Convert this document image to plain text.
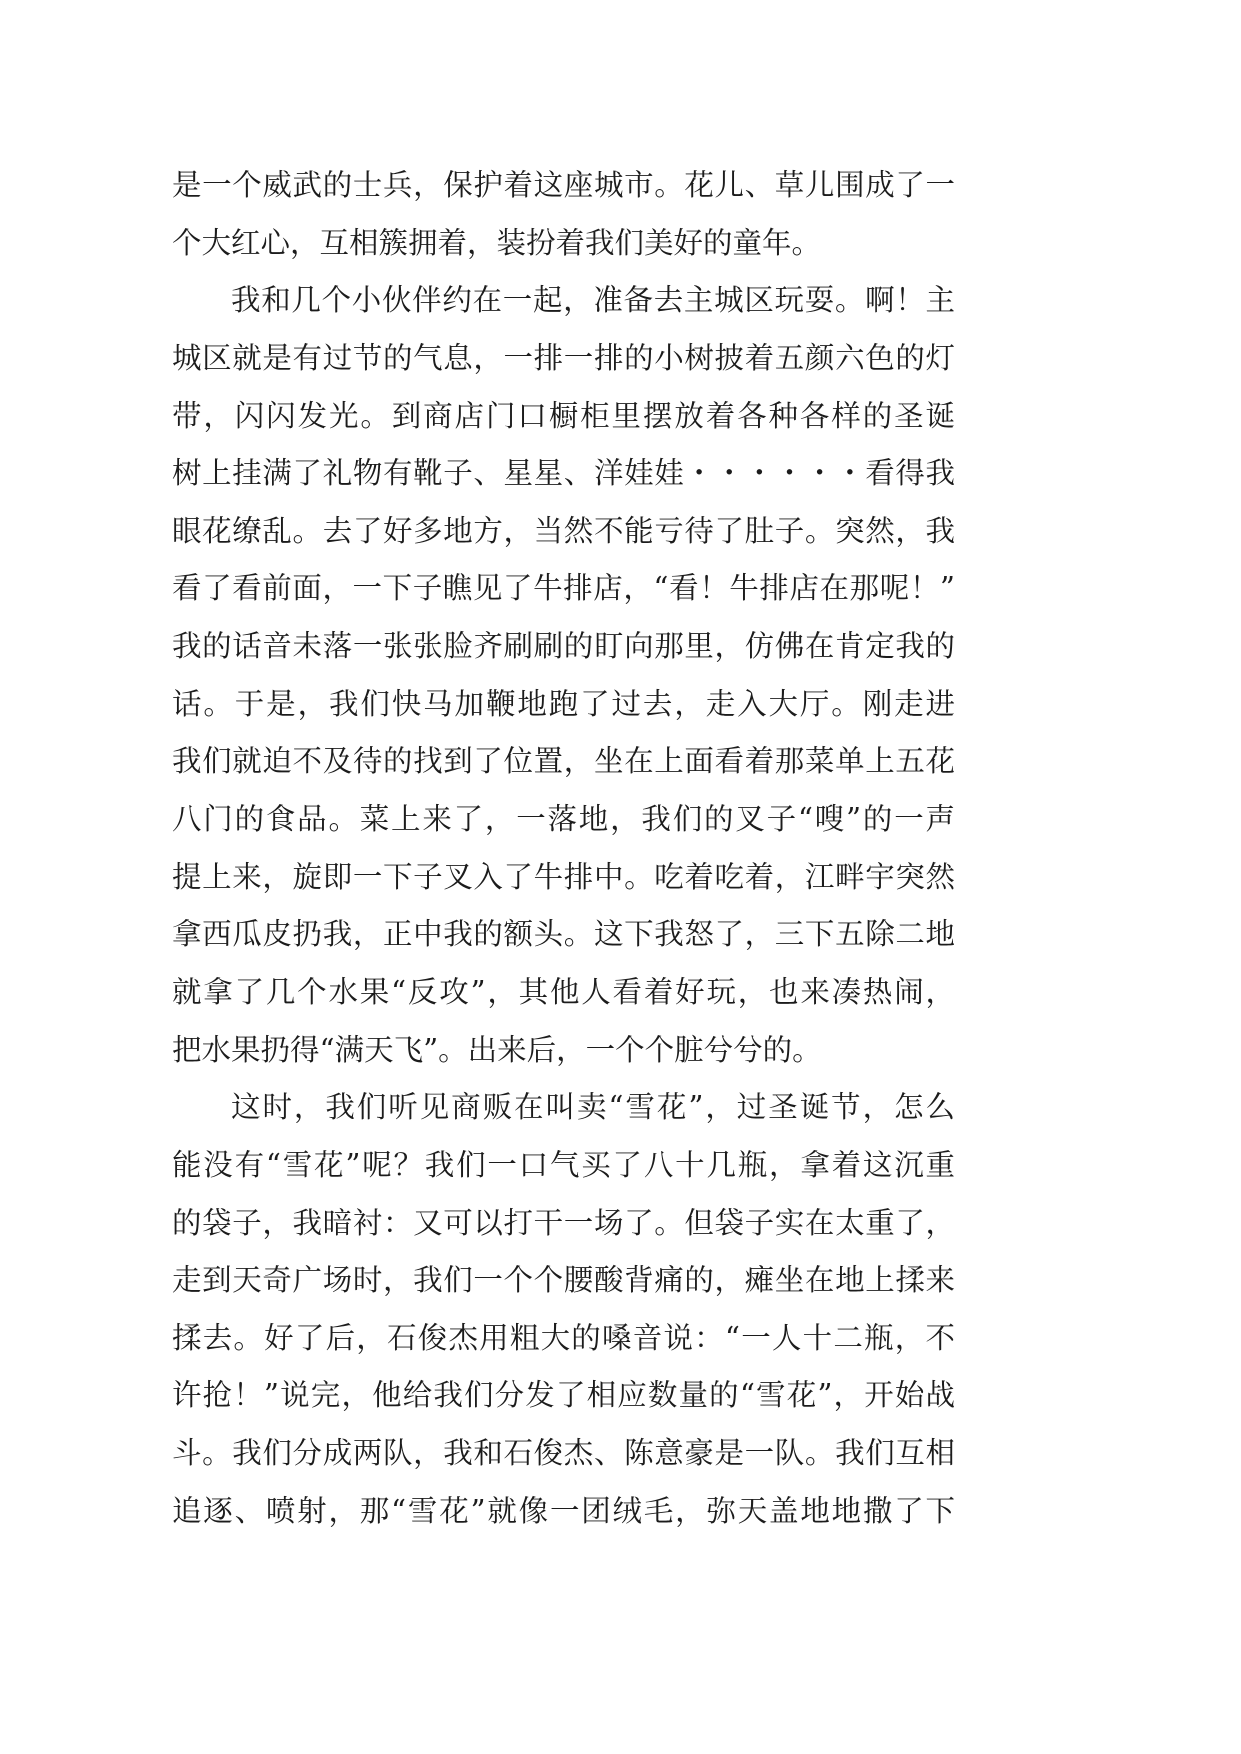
是一个威武的士兵，保护着这座城市。花儿、草儿围成了一
个大红心，互相簇拥着，装扮着我们美好的童年。
我和几个小伙伴约在一起，准备去主城区玩耍。啊！主
城区就是有过节的气息，一排一排的小树披着五颜六色的灯
带，闪闪发光。到商店门口橱柜里摆放着各种各样的圣诞
树上挂满了礼物有靴子、星星、洋娃娃・・・・・・看得我
眼花缭乱。去了好多地方，当然不能亏待了肚子。突然，我
看了看前面，一下子瞧见了牛排店，“看！牛排店在那呢！”
我的话音未落一张张脸齐刷刷的盯向那里，仿佛在肯定我的
话。于是，我们快马加鞭地跑了过去，走入大厅。刚走进
我们就迫不及待的找到了位置，坐在上面看着那菜单上五花
八门的食品。菜上来了，一落地，我们的叉子“嗖”的一声
提上来，旋即一下子叉入了牛排中。吃着吃着，江畔宇突然
拿西瓜皮扔我，正中我的额头。这下我怒了，三下五除二地
就拿了几个水果“反攻”，其他人看着好玩，也来凑热闹，
把水果扔得“满天飞”。出来后，一个个脏兮兮的。
这时，我们听见商贩在叫卖“雪花”，过圣诞节，怎么
能没有“雪花”呢？我们一口气买了八十几瓶，拿着这沉重
的袋子，我暗衬：又可以打干一场了。但袋子实在太重了，
走到天奇广场时，我们一个个腰酸背痛的，瘫坐在地上揉来
揉去。好了后，石俊杰用粗大的嗓音说：“一人十二瓶，不
许抢！”说完，他给我们分发了相应数量的“雪花”，开始战
斗。我们分成两队，我和石俊杰、陈意豪是一队。我们互相
追逐、喷射，那“雪花”就像一团绒毛，弥天盖地地撒了下
